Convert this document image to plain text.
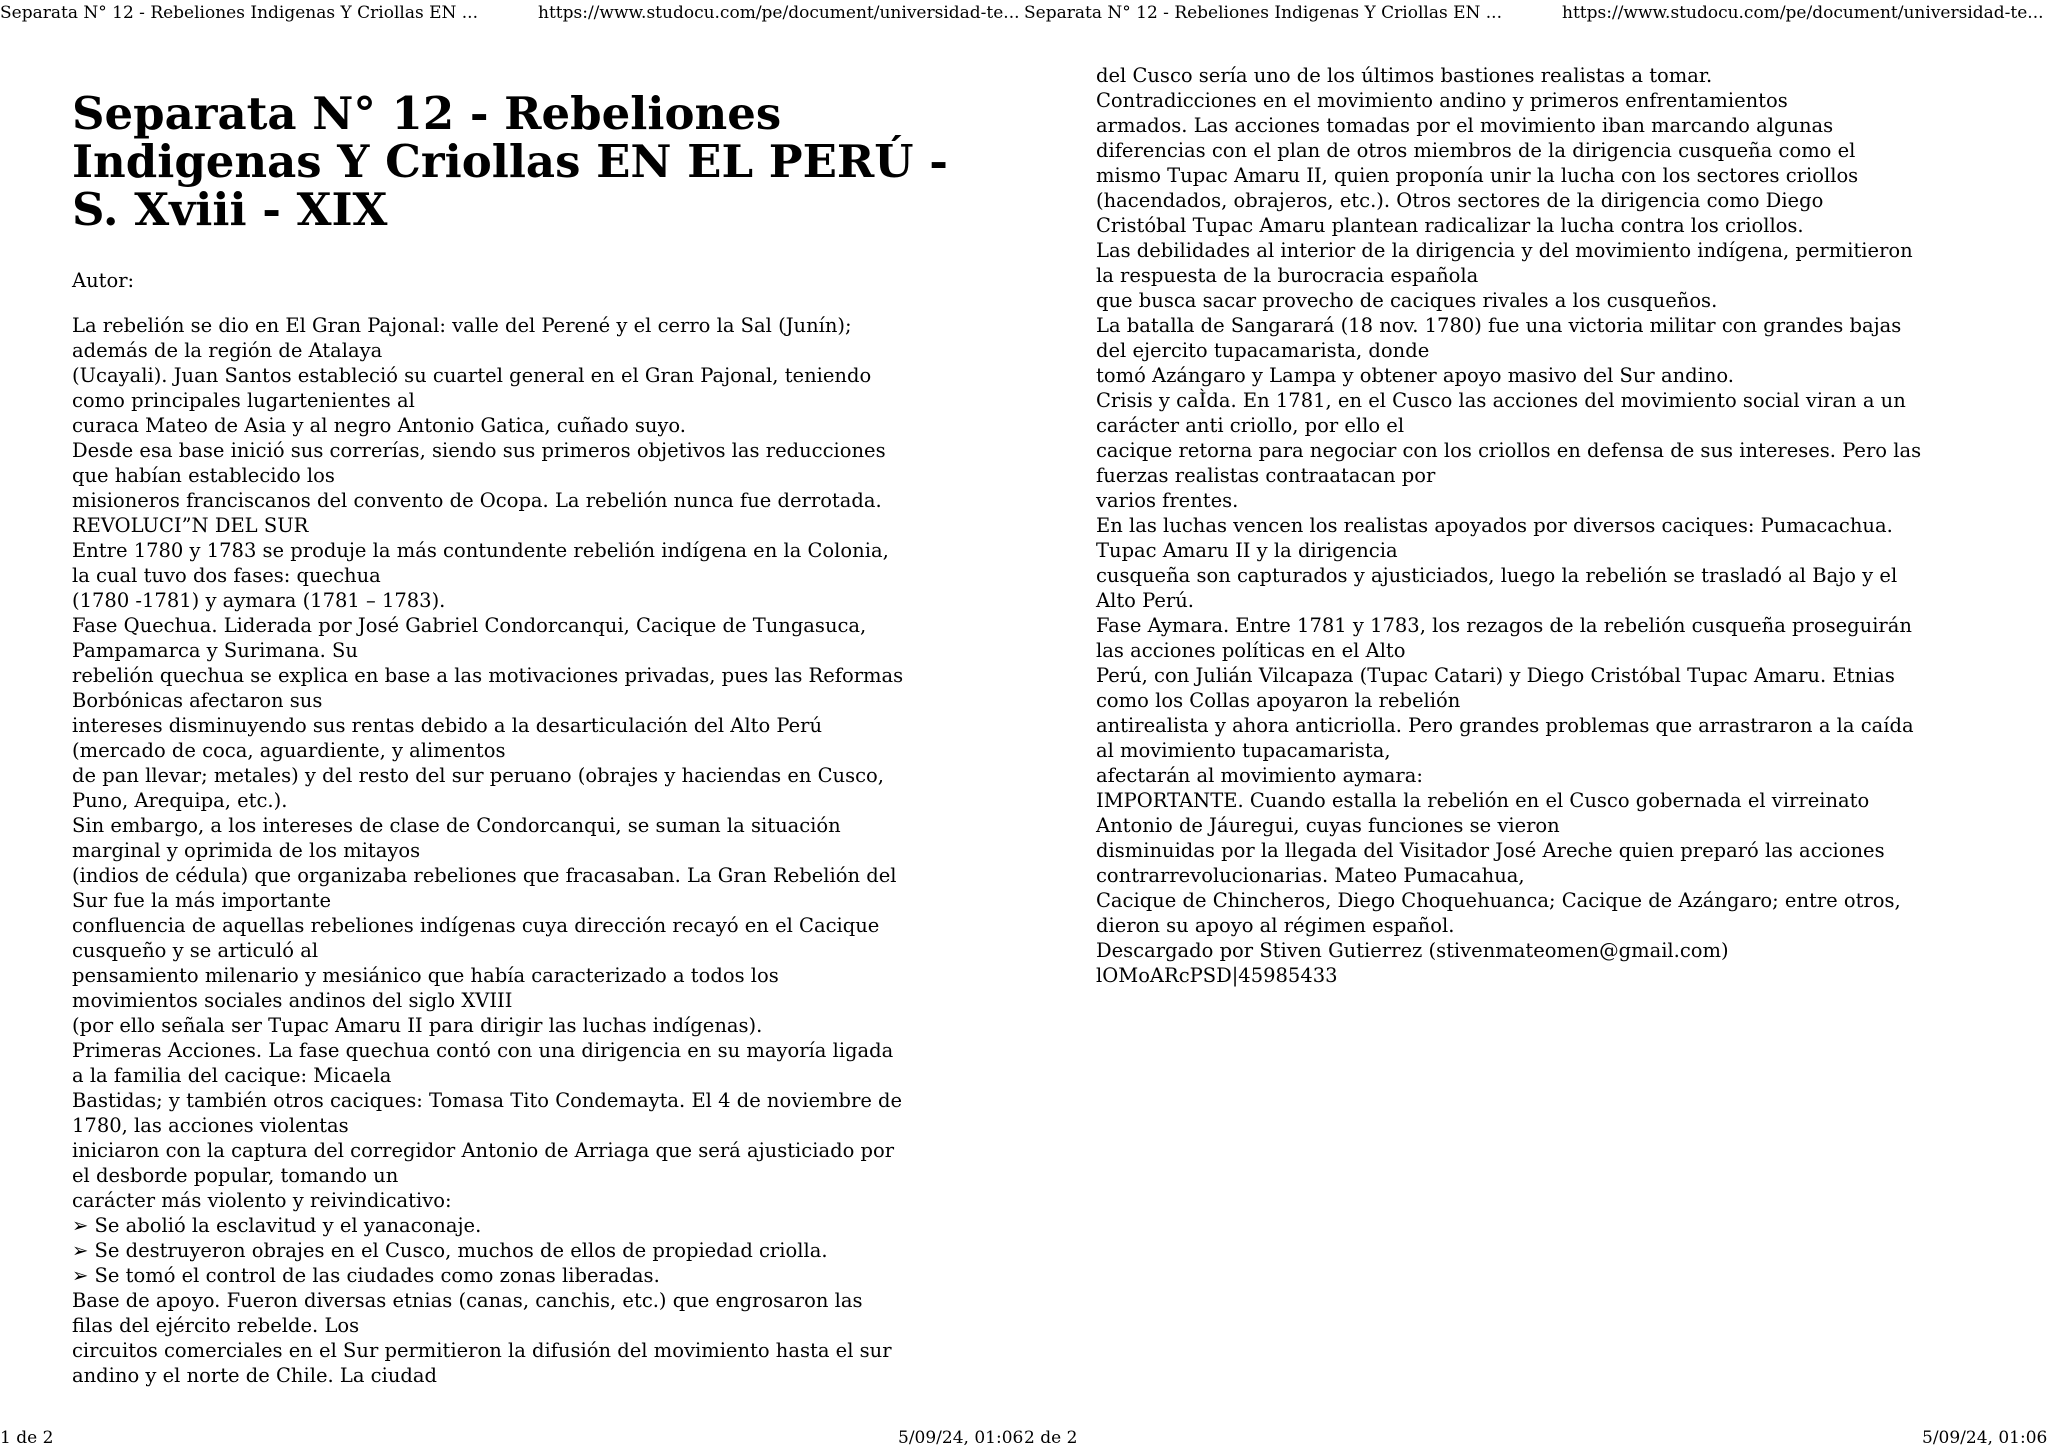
Separata N° 12 - Rebeliones Indigenas Y Criollas EN ...	https://www.studocu.com/pe/document/universidad-te... Separata N° 12 - Rebeliones Indigenas Y Criollas EN ...	https://www.studocu.com/pe/document/universidad-te...
Separata N° 12 - Rebeliones Indigenas Y Criollas EN EL PERÚ - S. Xviii - XIX
Autor:
La rebelión se dio en El Gran Pajonal: valle del Perené y el cerro la Sal (Junín);
además de la región de Atalaya
(Ucayali). Juan Santos estableció su cuartel general en el Gran Pajonal, teniendo
como principales lugartenientes al
curaca Mateo de Asia y al negro Antonio Gatica, cuñado suyo.
Desde esa base inició sus correrías, siendo sus primeros objetivos las reducciones
que habían establecido los
misioneros franciscanos del convento de Ocopa. La rebelión nunca fue derrotada.
REVOLUCI”N DEL SUR
Entre 1780 y 1783 se produje la más contundente rebelión indígena en la Colonia,
la cual tuvo dos fases: quechua
(1780 -1781) y aymara (1781 – 1783).
Fase Quechua. Liderada por José Gabriel Condorcanqui, Cacique de Tungasuca,
Pampamarca y Surimana. Su
rebelión quechua se explica en base a las motivaciones privadas, pues las Reformas
Borbónicas afectaron sus
intereses disminuyendo sus rentas debido a la desarticulación del Alto Perú
(mercado de coca, aguardiente, y alimentos
de pan llevar; metales) y del resto del sur peruano (obrajes y haciendas en Cusco,
Puno, Arequipa, etc.).
Sin embargo, a los intereses de clase de Condorcanqui, se suman la situación
marginal y oprimida de los mitayos
(indios de cédula) que organizaba rebeliones que fracasaban. La Gran Rebelión del
Sur fue la más importante
confluencia de aquellas rebeliones indígenas cuya dirección recayó en el Cacique
cusqueño y se articuló al
pensamiento milenario y mesiánico que había caracterizado a todos los
movimientos sociales andinos del siglo XVIII
(por ello señala ser Tupac Amaru II para dirigir las luchas indígenas).
Primeras Acciones. La fase quechua contó con una dirigencia en su mayoría ligada
a la familia del cacique: Micaela
Bastidas; y también otros caciques: Tomasa Tito Condemayta. El 4 de noviembre de
1780, las acciones violentas
iniciaron con la captura del corregidor Antonio de Arriaga que será ajusticiado por
el desborde popular, tomando un
carácter más violento y reivindicativo:
➢ Se abolió la esclavitud y el yanaconaje.
➢ Se destruyeron obrajes en el Cusco, muchos de ellos de propiedad criolla.
➢ Se tomó el control de las ciudades como zonas liberadas.
Base de apoyo. Fueron diversas etnias (canas, canchis, etc.) que engrosaron las
filas del ejército rebelde. Los
circuitos comerciales en el Sur permitieron la difusión del movimiento hasta el sur
andino y el norte de Chile. La ciudad
del Cusco sería uno de los últimos bastiones realistas a tomar.
Contradicciones en el movimiento andino y primeros enfrentamientos
armados. Las acciones tomadas por el movimiento iban marcando algunas
diferencias con el plan de otros miembros de la dirigencia cusqueña como el
mismo Tupac Amaru II, quien proponía unir la lucha con los sectores criollos
(hacendados, obrajeros, etc.). Otros sectores de la dirigencia como Diego
Cristóbal Tupac Amaru plantean radicalizar la lucha contra los criollos.
Las debilidades al interior de la dirigencia y del movimiento indígena, permitieron
la respuesta de la burocracia española
que busca sacar provecho de caciques rivales a los cusqueños.
La batalla de Sangarará (18 nov. 1780) fue una victoria militar con grandes bajas
del ejercito tupacamarista, donde
tomó Azángaro y Lampa y obtener apoyo masivo del Sur andino.
Crisis y caÌda. En 1781, en el Cusco las acciones del movimiento social viran a un
carácter anti criollo, por ello el
cacique retorna para negociar con los criollos en defensa de sus intereses. Pero las
fuerzas realistas contraatacan por
varios frentes.
En las luchas vencen los realistas apoyados por diversos caciques: Pumacachua.
Tupac Amaru II y la dirigencia
cusqueña son capturados y ajusticiados, luego la rebelión se trasladó al Bajo y el
Alto Perú.
Fase Aymara. Entre 1781 y 1783, los rezagos de la rebelión cusqueña proseguirán
las acciones políticas en el Alto
Perú, con Julián Vilcapaza (Tupac Catari) y Diego Cristóbal Tupac Amaru. Etnias
como los Collas apoyaron la rebelión
antirealista y ahora anticriolla. Pero grandes problemas que arrastraron a la caída
al movimiento tupacamarista,
afectarán al movimiento aymara:
IMPORTANTE. Cuando estalla la rebelión en el Cusco gobernada el virreinato
Antonio de Jáuregui, cuyas funciones se vieron
disminuidas por la llegada del Visitador José Areche quien preparó las acciones
contrarrevolucionarias. Mateo Pumacahua,
Cacique de Chincheros, Diego Choquehuanca; Cacique de Azángaro; entre otros,
dieron su apoyo al régimen español.
Descargado por Stiven Gutierrez (stivenmateomen@gmail.com)
lOMoARcPSD|45985433
1 de 2	5/09/24, 01:06 2 de 2	5/09/24, 01:06
